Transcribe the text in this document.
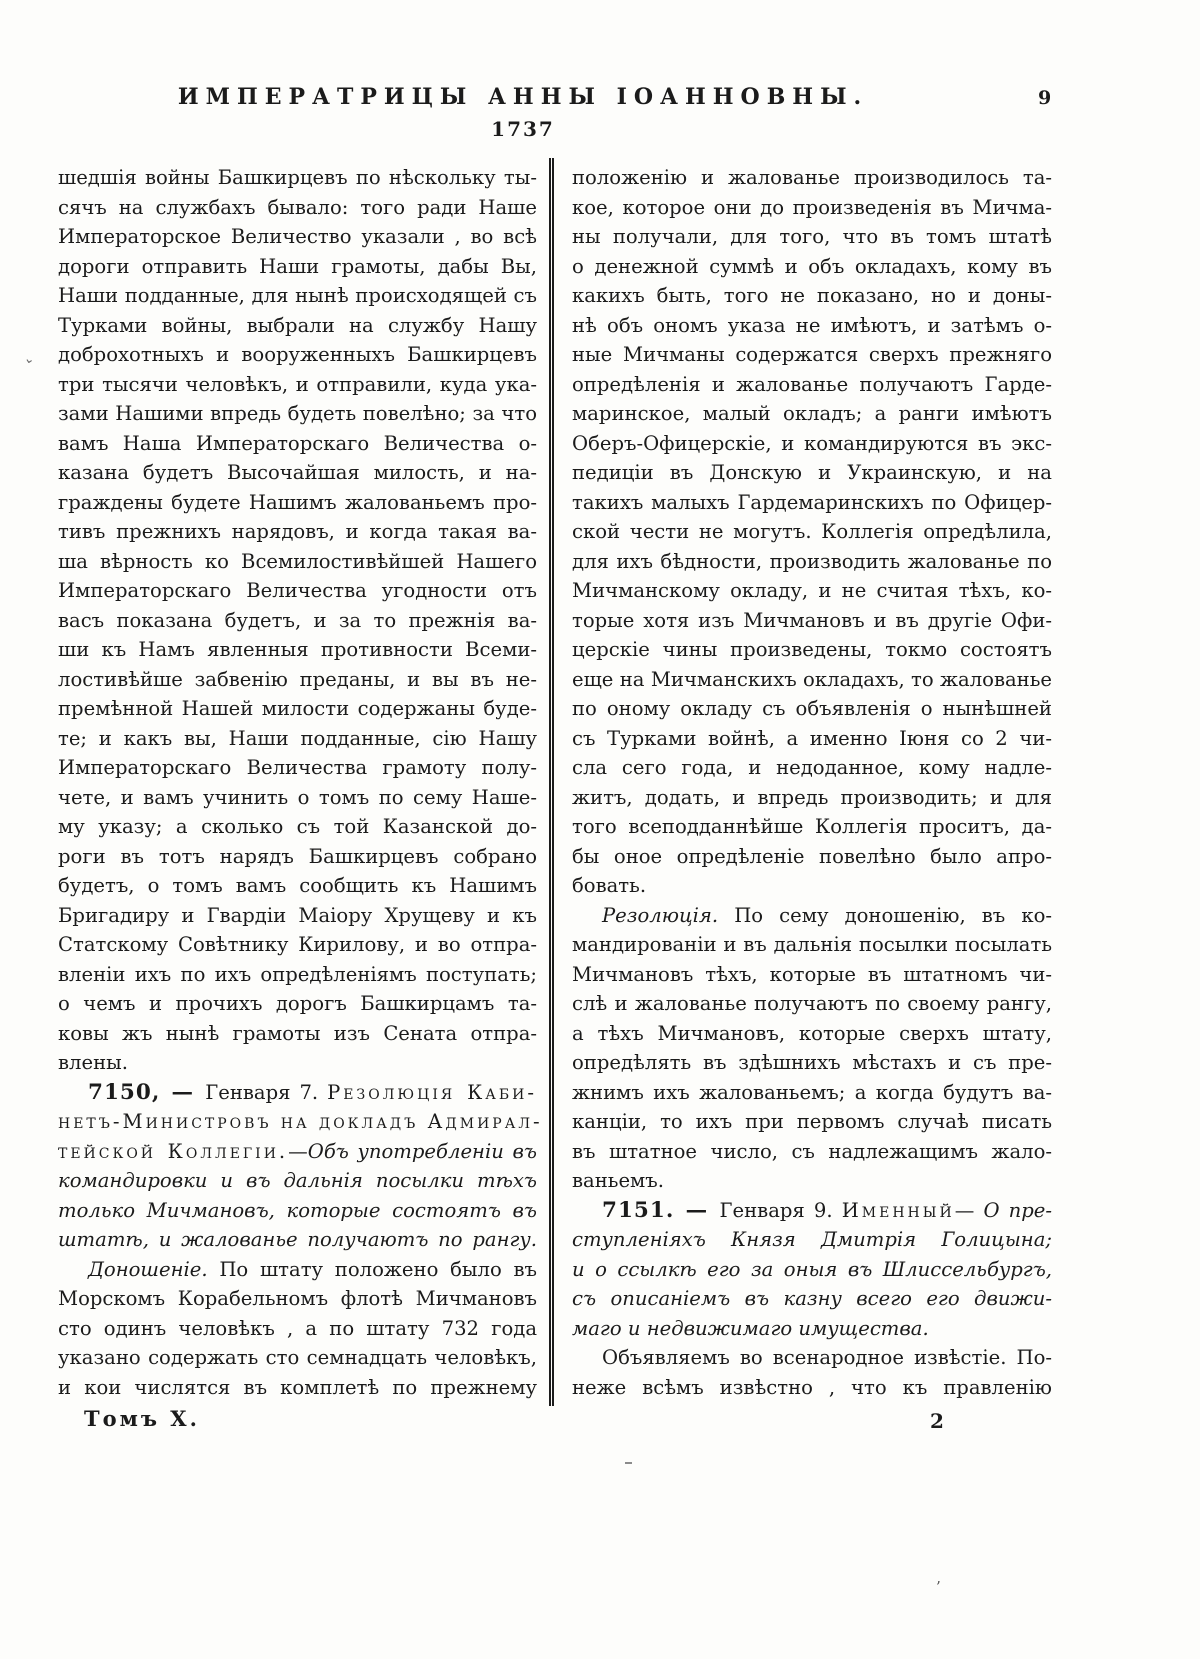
ИМПЕРАТРИЦЫ АННЫ ІОАННОВНЫ.	9
1737
⌄
шедшія войны Башкирцевъ по нѣскольку ты-
сячъ на службахъ бывало: того ради Наше
Императорское Величество указали , во всѣ
дороги отправить Наши грамоты, дабы Вы,
Наши подданные, для нынѣ происходящей съ
Турками войны, выбрали на службу Нашу
доброхотныхъ и вооруженныхъ Башкирцевъ
три тысячи человѣкъ, и отправили, куда ука-
зами Нашими впредь будеть повелѣно; за что
вамъ Наша Императорскаго Величества о-
казана будетъ Высочайшая милость, и на-
граждены будете Нашимъ жалованьемъ про-
тивъ прежнихъ нарядовъ, и когда такая ва-
ша вѣрность ко Всемилостивѣйшей Нашего
Императорскаго Величества угодности отъ
васъ показана будетъ, и за то прежнія ва-
ши къ Намъ явленныя противности Всеми-
лостивѣйше забвенію преданы, и вы въ не-
премѣнной Нашей милости содержаны буде-
те; и какъ вы, Наши подданные, сію Нашу
Императорскаго Величества грамоту полу-
чете, и вамъ учинить о томъ по сему Наше-
му указу; а сколько съ той Казанской до-
роги въ тотъ нарядъ Башкирцевъ собрано
будетъ, о томъ вамъ сообщить къ Нашимъ
Бригадиру и Гвардіи Маіору Хрущеву и къ
Статскому Совѣтнику Кирилову, и во отпра-
вленіи ихъ по ихъ опредѣленіямъ поступать;
о чемъ и прочихъ дорогъ Башкирцамъ та-
ковы жъ нынѣ грамоты изъ Сената отпра-
влены.
7150, — Генваря 7. Резолюція Каби-
нетъ-Министровъ на докладъ Адмирал-
тейской Коллегіи.—Объ употребленіи въ
командировки и въ дальнія посылки тѣхъ
только Мичмановъ, которые состоятъ въ
штатѣ, и жалованье получаютъ по рангу.
Доношеніе. По штату положено было въ
Морскомъ Корабельномъ флотѣ Мичмановъ
сто одинъ человѣкъ , а по штату 732 года
указано содержать сто семнадцать человѣкъ,
и кои числятся въ комплетѣ по прежнему
положенію и жалованье производилось та-
кое, которое они до произведенія въ Мичма-
ны получали, для того, что въ томъ штатѣ
о денежной суммѣ и объ окладахъ, кому въ
какихъ быть, того не показано, но и доны-
нѣ объ ономъ указа не имѣютъ, и затѣмъ о-
ные Мичманы содержатся сверхъ прежняго
опредѣленія и жалованье получаютъ Гарде-
маринское, малый окладъ; а ранги имѣютъ
Оберъ-Офицерскіе, и командируются въ экс-
педиціи въ Донскую и Украинскую, и на
такихъ малыхъ Гардемаринскихъ по Офицер-
ской чести не могутъ. Коллегія опредѣлила,
для ихъ бѣдности, производить жалованье по
Мичманскому окладу, и не считая тѣхъ, ко-
торые хотя изъ Мичмановъ и въ другіе Офи-
церскіе чины произведены, токмо состоятъ
еще на Мичманскихъ окладахъ, то жалованье
по оному окладу съ объявленія о нынѣшней
съ Турками войнѣ, а именно Іюня со 2 чи-
сла сего года, и недоданное, кому надле-
житъ, додать, и впредь производить; и для
того всеподданнѣйше Коллегія проситъ, да-
бы оное опредѣленіе повелѣно было апро-
бовать.
Резолюція. По сему доношенію, въ ко-
мандированіи и въ дальнія посылки посылать
Мичмановъ тѣхъ, которые въ штатномъ чи-
слѣ и жалованье получаютъ по своему рангу,
а тѣхъ Мичмановъ, которые сверхъ штату,
опредѣлять въ здѣшнихъ мѣстахъ и съ пре-
жнимъ ихъ жалованьемъ; а когда будутъ ва-
канціи, то ихъ при первомъ случаѣ писать
въ штатное число, съ надлежащимъ жало-
ваньемъ.
7151. — Генваря 9. Именный— О пре-
ступленіяхъ Князя Дмитрія Голицына;
и о ссылкѣ его за оныя въ Шлиссельбургъ,
съ описаніемъ въ казну всего его движи-
маго и недвижимаго имущества.
Объявляемъ во всенародное извѣстіе. По-
неже всѣмъ извѣстно , что къ правленію
Томъ X.	2
’
